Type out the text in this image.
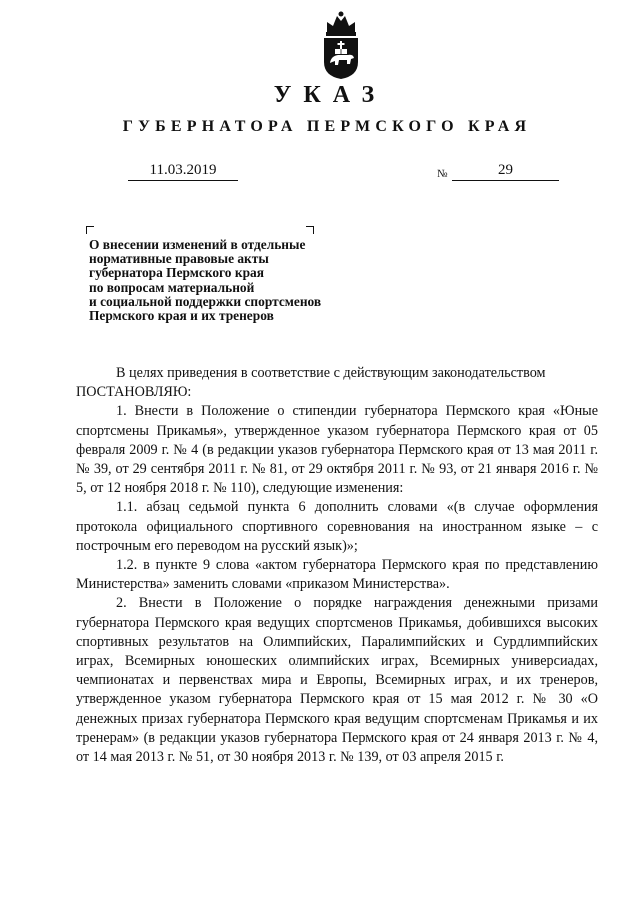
УКАЗ
ГУБЕРНАТОРА ПЕРМСКОГО КРАЯ
11.03.2019	№	29
О внесении изменений в отдельные
нормативные правовые акты
губернатора Пермского края
по вопросам материальной
и социальной поддержки спортсменов
Пермского края и их тренеров

В целях приведения в соответствие с действующим законодательством

ПОСТАНОВЛЯЮ:

1. Внести в Положение о стипендии губернатора Пермского края «Юные спортсмены Прикамья», утвержденное указом губернатора Пермского края от 05 февраля 2009 г. № 4 (в редакции указов губернатора Пермского края от 13 мая 2011 г. № 39, от 29 сентября 2011 г. № 81, от 29 октября 2011 г. № 93, от 21 января 2016 г. № 5, от 12 ноября 2018 г. № 110), следующие изменения:

1.1. абзац седьмой пункта 6 дополнить словами «(в случае оформления протокола официального спортивного соревнования на иностранном языке – с построчным его переводом на русский язык)»;

1.2. в пункте 9 слова «актом губернатора Пермского края по представлению Министерства» заменить словами «приказом Министерства».

2. Внести в Положение о порядке награждения денежными призами губернатора Пермского края ведущих спортсменов Прикамья, добившихся высоких спортивных результатов на Олимпийских, Паралимпийских и Сурдлимпийских играх, Всемирных юношеских олимпийских играх, Всемирных универсиадах, чемпионатах и первенствах мира и Европы, Всемирных играх, и их тренеров, утвержденное указом губернатора Пермского края от 15 мая 2012 г. № 30 «О денежных призах губернатора Пермского края ведущим спортсменам Прикамья и их тренерам» (в редакции указов губернатора Пермского края от 24 января 2013 г. № 4, от 14 мая 2013 г. № 51, от 30 ноября 2013 г. № 139, от 03 апреля 2015 г.
